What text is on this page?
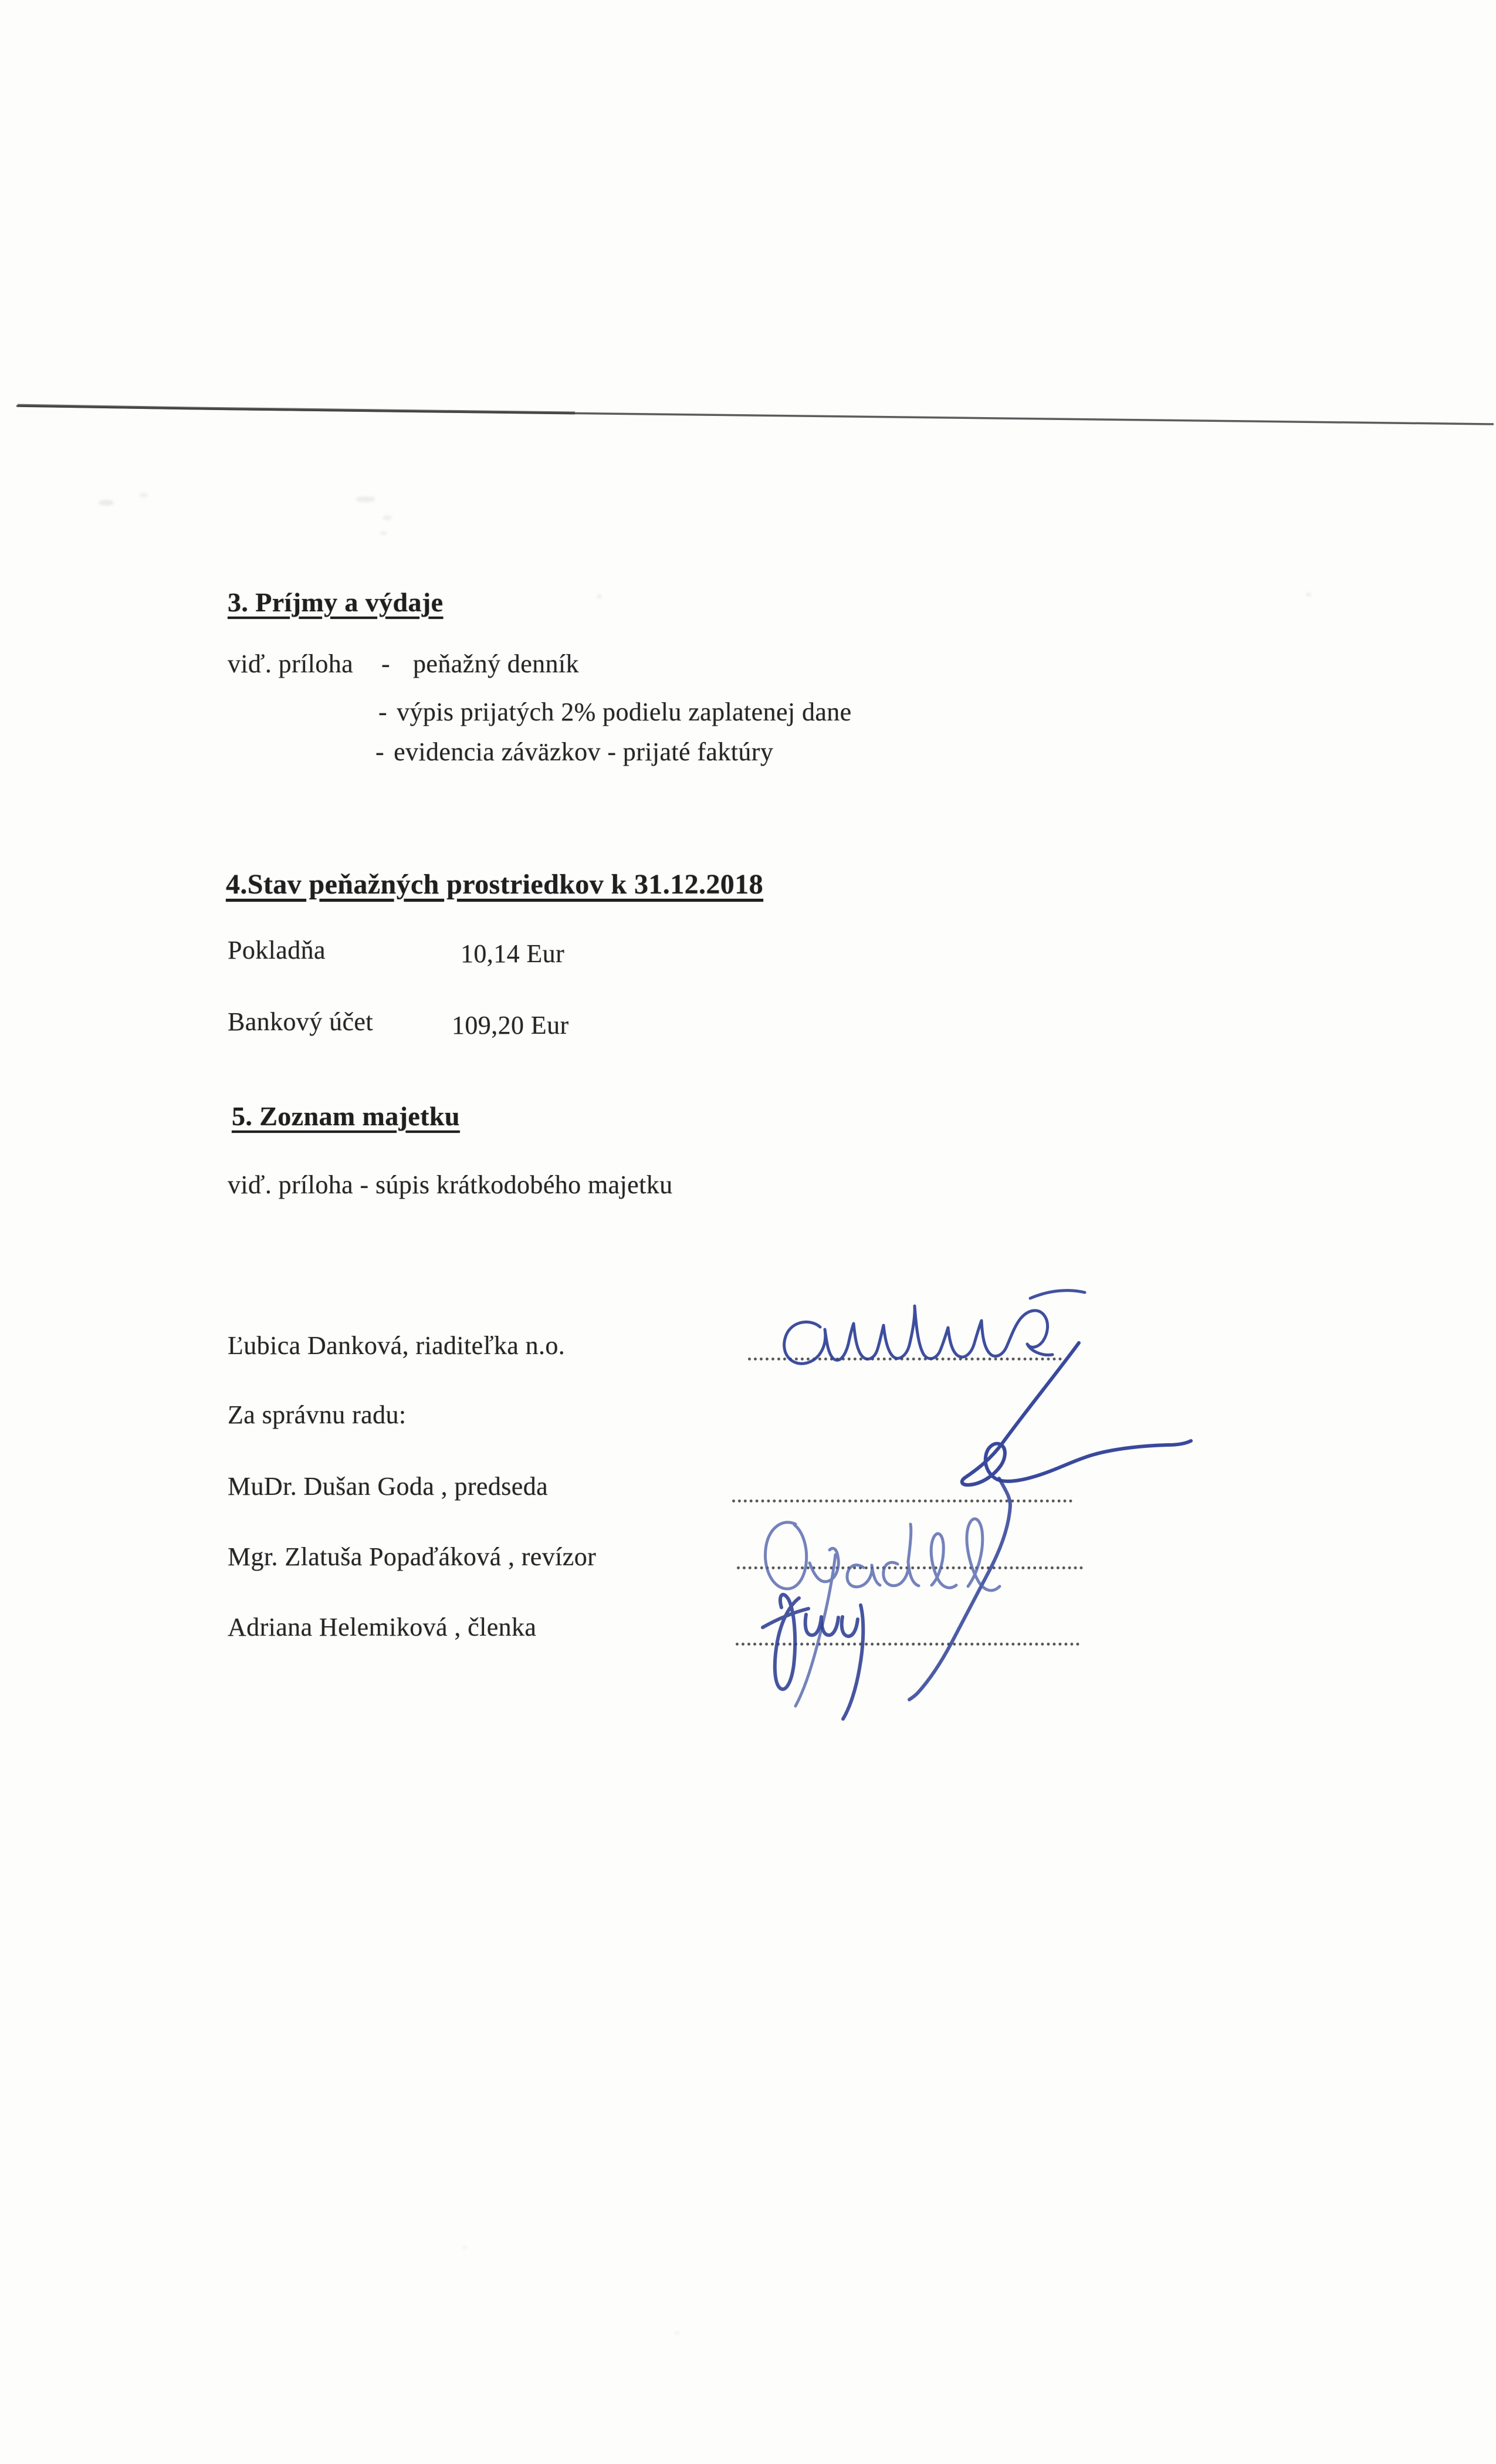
3. Príjmy a výdaje
viď. príloha - peňažný denník
- výpis prijatých 2% podielu zaplatenej dane
- evidencia záväzkov - prijaté faktúry
4.Stav peňažných prostriedkov k 31.12.2018
Pokladňa	10,14 Eur
Bankový účet	109,20 Eur
5. Zoznam majetku
viď. príloha - súpis krátkodobého majetku
Ľubica Danková, riaditeľka n.o.
Za správnu radu:
MuDr. Dušan Goda , predseda
Mgr. Zlatuša Popaďáková , revízor
Adriana Helemiková , členka
